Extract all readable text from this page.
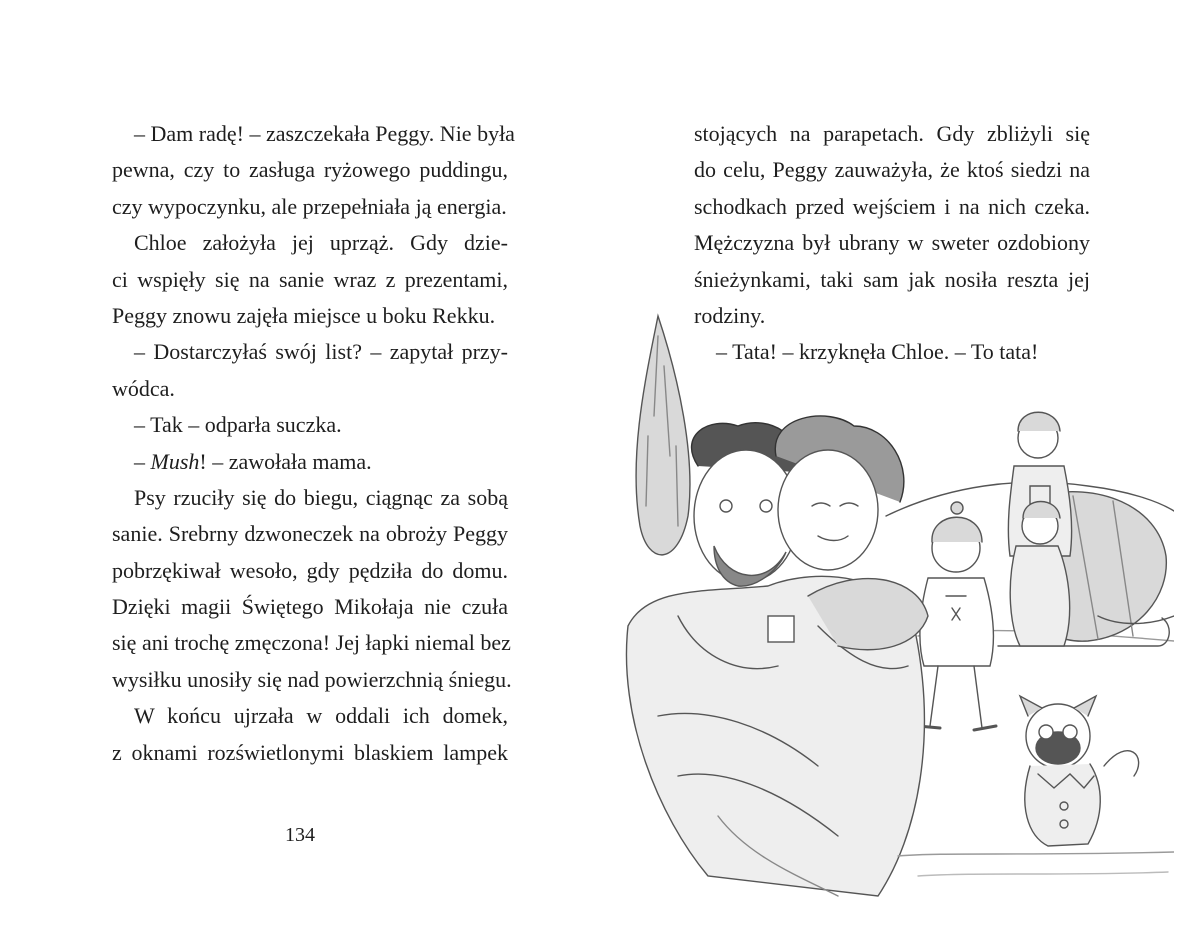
– Dam radę! – zaszczekała Peggy. Nie była
pewna, czy to zasługa ryżowego puddingu,
czy wypoczynku, ale przepełniała ją energia.
Chloe założyła jej uprząż. Gdy dzie-
ci wspięły się na sanie wraz z prezentami,
Peggy znowu zajęła miejsce u boku Rekku.
– Dostarczyłaś swój list? – zapytał przy-
wódca.
– Tak – odparła suczka.
– Mush! – zawołała mama.
Psy rzuciły się do biegu, ciągnąc za sobą
sanie. Srebrny dzwoneczek na obroży Peggy
pobrzękiwał wesoło, gdy pędziła do domu.
Dzięki magii Świętego Mikołaja nie czuła
się ani trochę zmęczona! Jej łapki niemal bez
wysiłku unosiły się nad powierzchnią śniegu.
W końcu ujrzała w oddali ich domek,
z oknami rozświetlonymi blaskiem lampek
134
stojących na parapetach. Gdy zbliżyli się
do celu, Peggy zauważyła, że ktoś siedzi na
schodkach przed wejściem i na nich czeka.
Mężczyzna był ubrany w sweter ozdobiony
śnieżynkami, taki sam jak nosiła reszta jej
rodziny.
– Tata! – krzyknęła Chloe. – To tata!
